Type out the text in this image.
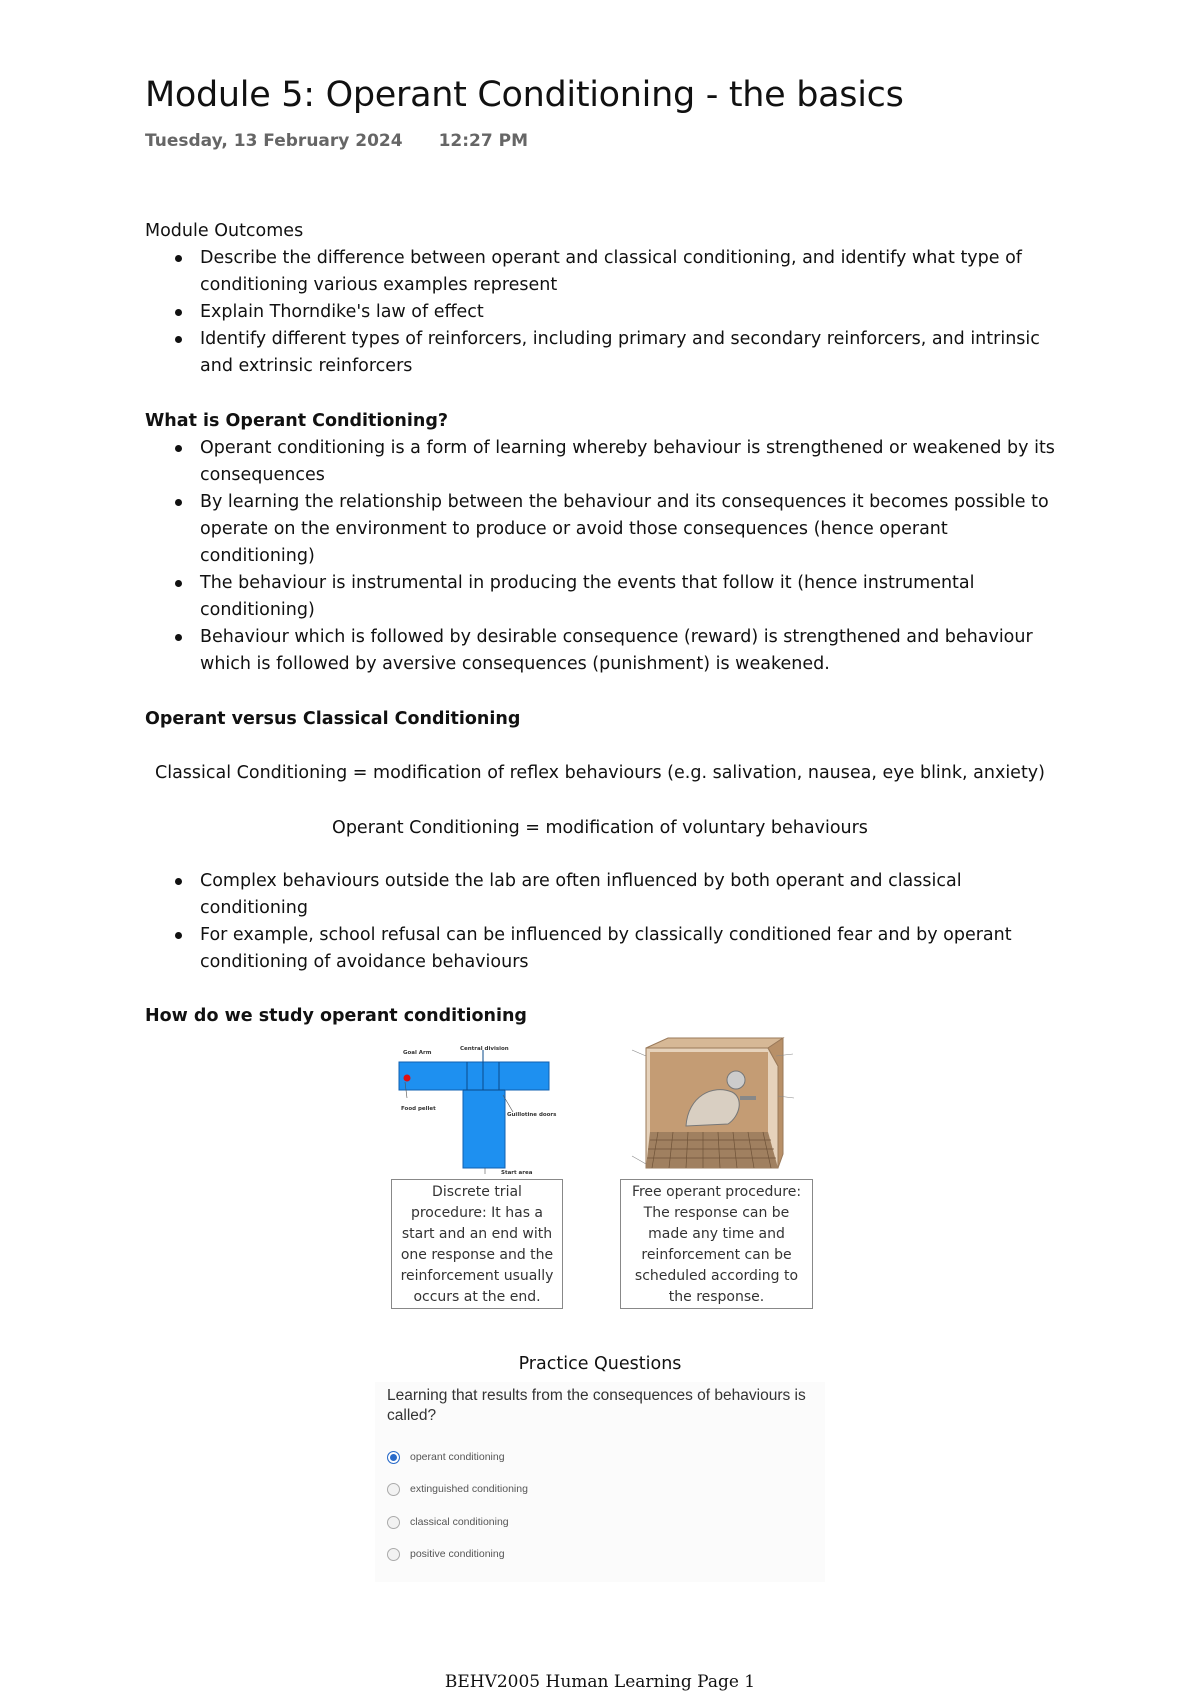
Module 5: Operant Conditioning - the basics
Tuesday, 13 February 2024 12:27 PM
Module Outcomes
Describe the difference between operant and classical conditioning, and identify what type of conditioning various examples represent
Explain Thorndike's law of effect
Identify different types of reinforcers, including primary and secondary reinforcers, and intrinsic and extrinsic reinforcers
What is Operant Conditioning?
Operant conditioning is a form of learning whereby behaviour is strengthened or weakened by its consequences
By learning the relationship between the behaviour and its consequences it becomes possible to operate on the environment to produce or avoid those consequences (hence operant conditioning)
The behaviour is instrumental in producing the events that follow it (hence instrumental conditioning)
Behaviour which is followed by desirable consequence (reward) is strengthened and behaviour which is followed by aversive consequences (punishment) is weakened.
Operant versus Classical Conditioning
Classical Conditioning = modification of reflex behaviours (e.g. salivation, nausea, eye blink, anxiety)
Operant Conditioning = modification of voluntary behaviours
Complex behaviours outside the lab are often influenced by both operant and classical conditioning
For example, school refusal can be influenced by classically conditioned fear and by operant conditioning of avoidance behaviours
How do we study operant conditioning
Goal Arm
Central division
Food pellet
Guillotine doors
Start area
Discrete trial procedure: It has a start and an end with one response and the reinforcement usually occurs at the end.
Free operant procedure: The response can be made any time and reinforcement can be scheduled according to the response.
Practice Questions
Learning that results from the consequences of behaviours is called?
operant conditioning
extinguished conditioning
classical conditioning
positive conditioning
BEHV2005 Human Learning Page 1
